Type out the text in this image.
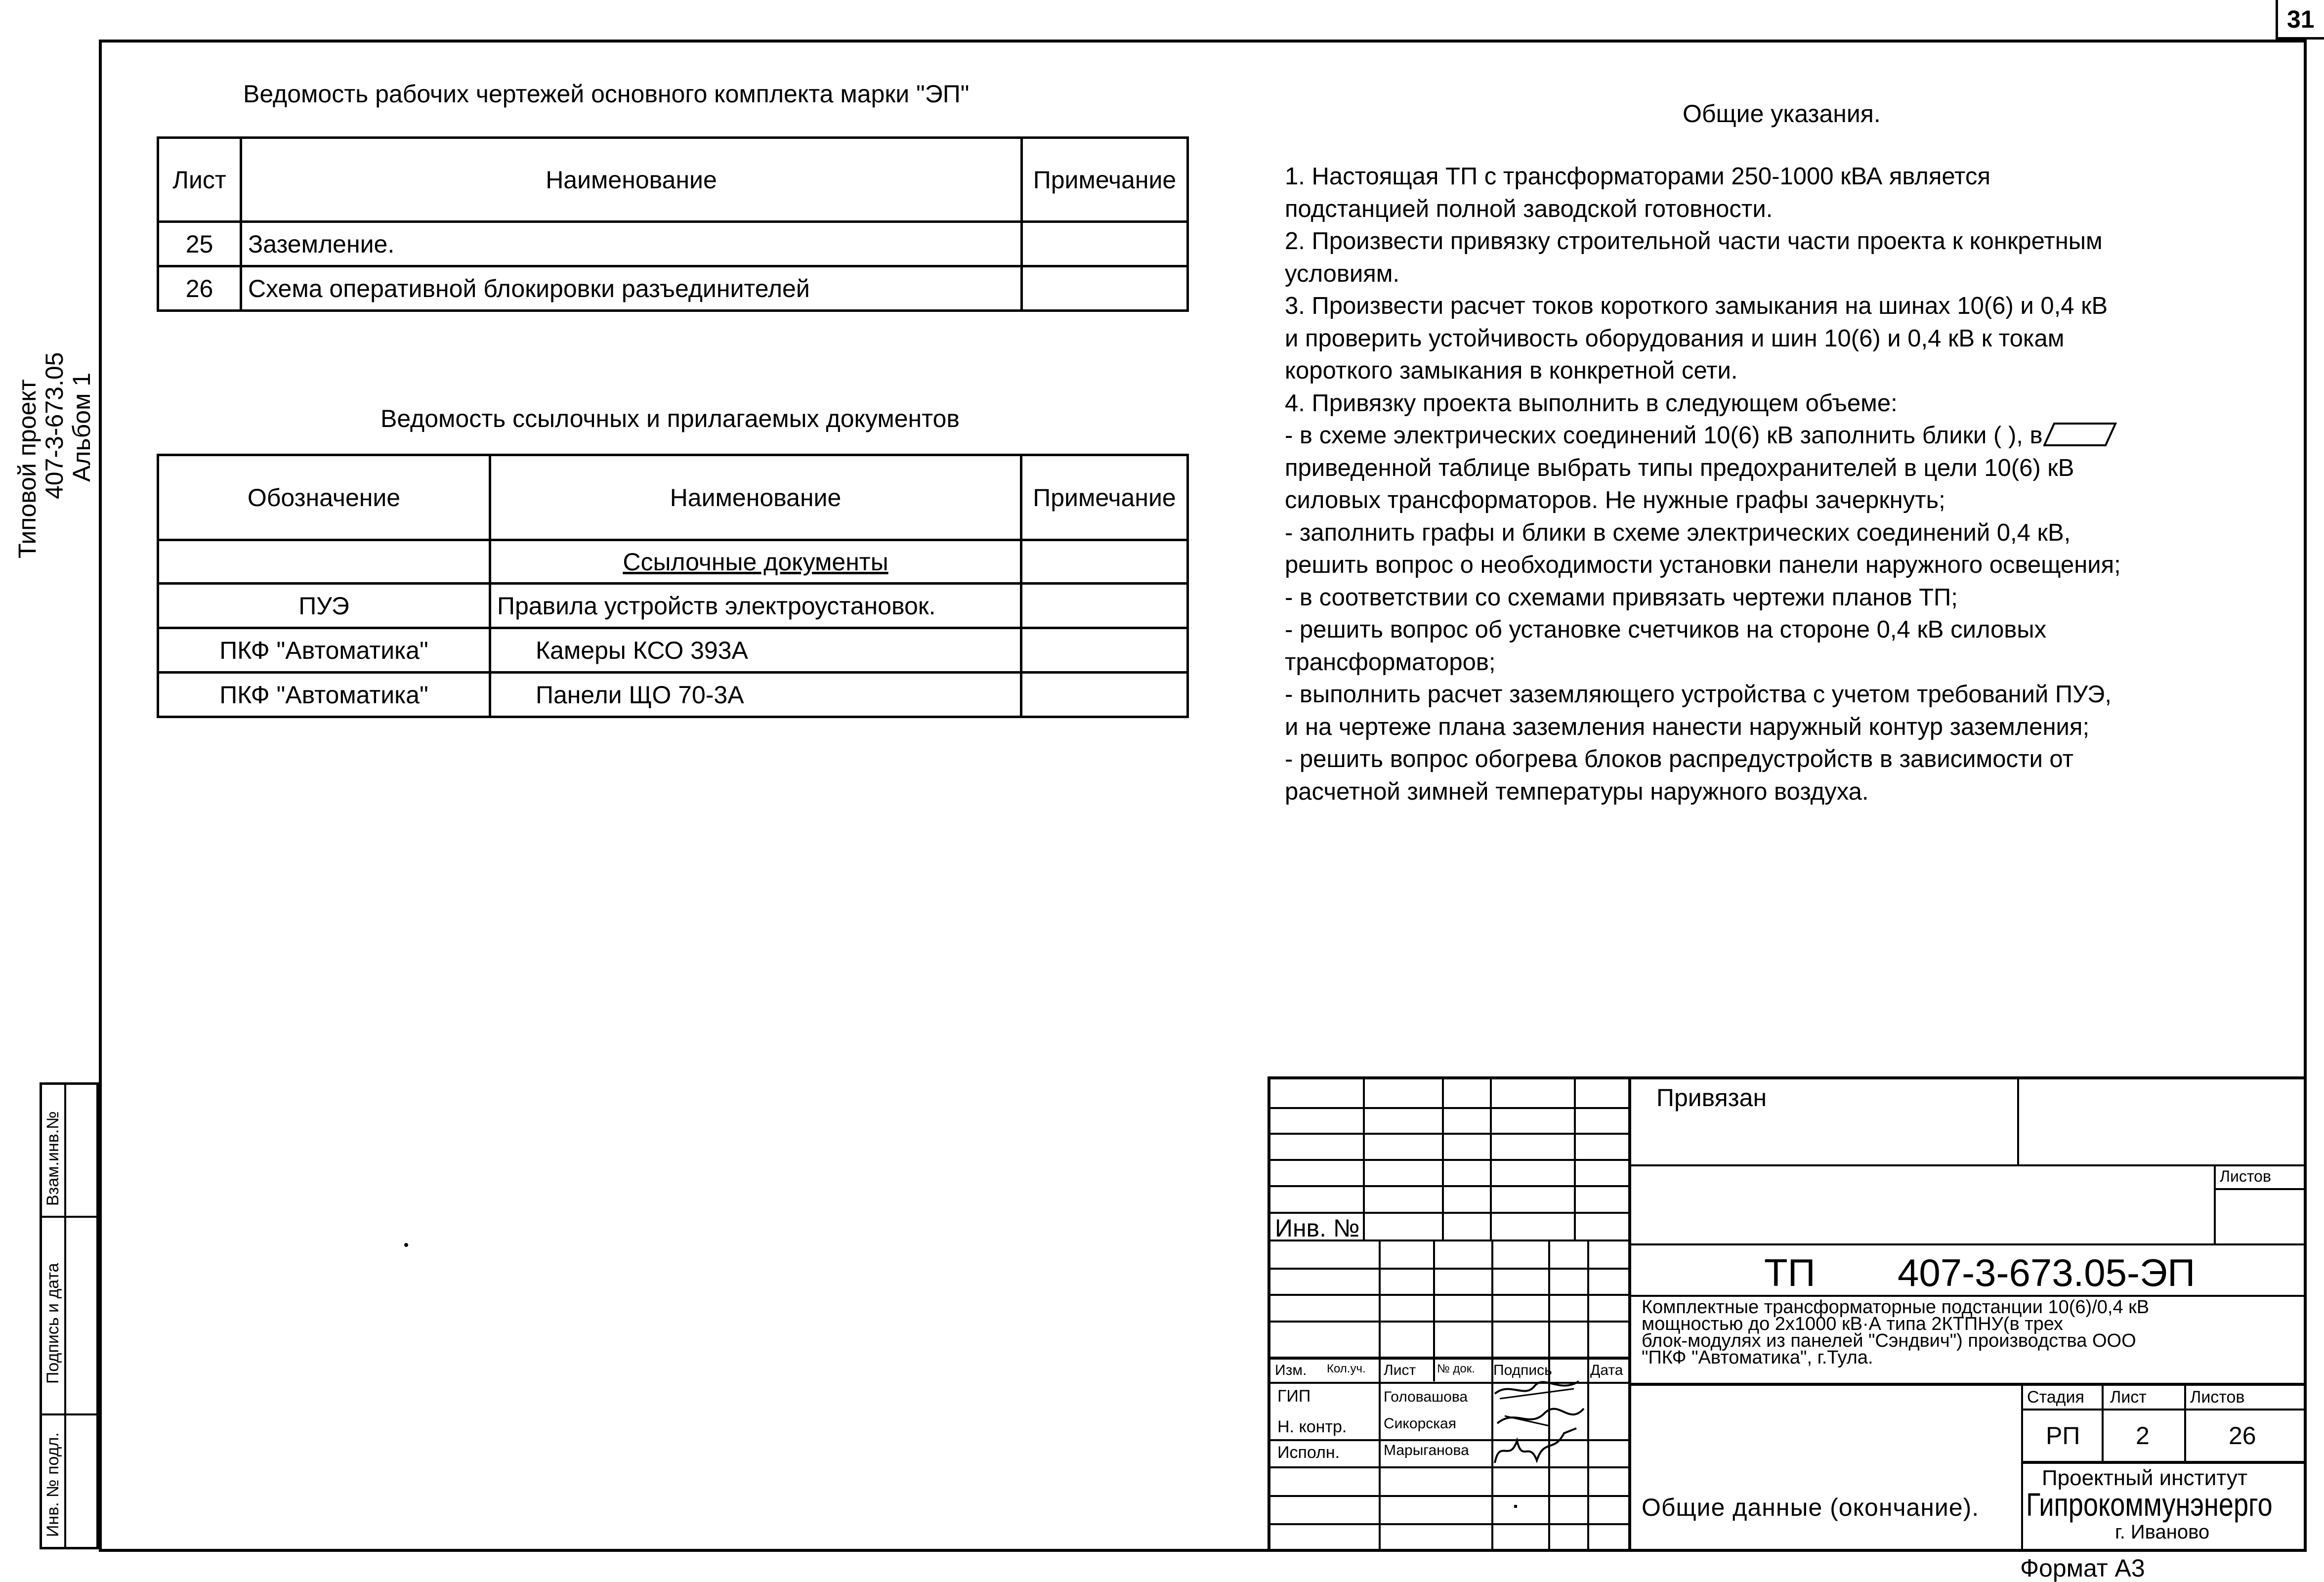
31
Типовой проект 407-3-673.05 Альбом 1
Взам.инв.№
Подпись и дата
Инв. № подл.
Ведомость рабочих чертежей основного комплекта марки "ЭП"
Лист	Наименование	Примечание
25	Заземление.	
26	Схема оперативной блокировки разъединителей	
Ведомость ссылочных и прилагаемых документов
Обозначение	Наименование	Примечание
	Ссылочные документы	
ПУЭ	Правила устройств электроустановок.	
ПКФ "Автоматика"	Камеры КСО 393А	
ПКФ "Автоматика"	Панели ЩО 70-3А	
Общие указания.
1. Настоящая ТП с трансформаторами 250-1000 кВА является
подстанцией полной заводской готовности.
2. Произвести привязку строительной части части проекта к конкретным
условиям.
3. Произвести расчет токов короткого замыкания на шинах 10(6) и 0,4 кВ
и проверить устойчивость оборудования и шин 10(6) и 0,4 кВ к токам
короткого замыкания в конкретной сети.
4. Привязку проекта выполнить в следующем объеме:
- в схеме электрических соединений 10(6) кВ заполнить блики ( ), в
приведенной таблице выбрать типы предохранителей в цели 10(6) кВ
силовых трансформаторов. Не нужные графы зачеркнуть;
- заполнить графы и блики в схеме электрических соединений 0,4 кВ,
решить вопрос о необходимости установки панели наружного освещения;
- в соответствии со схемами привязать чертежи планов ТП;
- решить вопрос об установке счетчиков на стороне 0,4 кВ силовых
трансформаторов;
- выполнить расчет заземляющего устройства с учетом требований ПУЭ,
и на чертеже плана заземления нанести наружный контур заземления;
- решить вопрос обогрева блоков распредустройств в зависимости от
расчетной зимней температуры наружного воздуха.
Инв. №
Изм. Кол.уч. Лист № док. Подпись	Дата
ГИП	Головашова
Н. контр. Сикорская
Исполн.	Марыганова
Привязан
Листов
ТП 407-3-673.05-ЭП
Комплектные трансформаторные подстанции 10(6)/0,4 кВ
мощностью до 2х1000 кВ·А типа 2КТПНУ(в трех
блок-модулях из панелей "Сэндвич") производства ООО
"ПКФ "Автоматика", г.Тула.
Стадия Лист	Листов
РП 2	26
Общие данные (окончание).
Проектный институт
Гипрокоммунэнерго
г. Иваново
Формат А3
